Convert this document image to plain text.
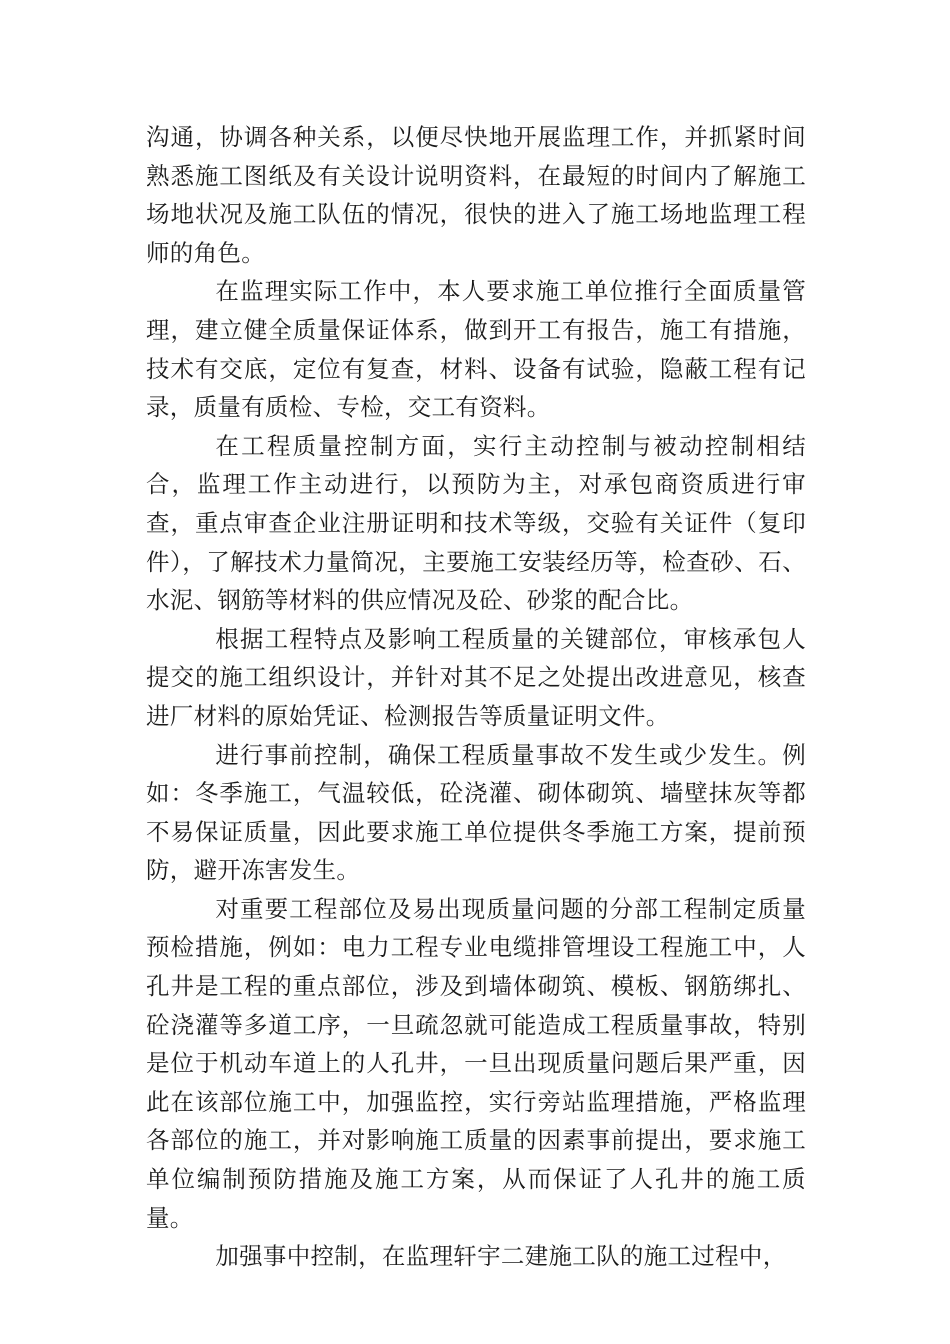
沟通，协调各种关系，以便尽快地开展监理工作，并抓紧时间熟悉施工图纸及有关设计说明资料，在最短的时间内了解施工场地状况及施工队伍的情况，很快的进入了施工场地监理工程师的角色。

在监理实际工作中，本人要求施工单位推行全面质量管理，建立健全质量保证体系，做到开工有报告，施工有措施，技术有交底，定位有复查，材料、设备有试验，隐蔽工程有记录，质量有质检、专检，交工有资料。

在工程质量控制方面，实行主动控制与被动控制相结合，监理工作主动进行，以预防为主，对承包商资质进行审查，重点审查企业注册证明和技术等级，交验有关证件（复印件），了解技术力量简况，主要施工安装经历等，检查砂、石、水泥、钢筋等材料的供应情况及砼、砂浆的配合比。

根据工程特点及影响工程质量的关键部位，审核承包人提交的施工组织设计，并针对其不足之处提出改进意见，核查进厂材料的原始凭证、检测报告等质量证明文件。

进行事前控制，确保工程质量事故不发生或少发生。例如：冬季施工，气温较低，砼浇灌、砌体砌筑、墙壁抹灰等都不易保证质量，因此要求施工单位提供冬季施工方案，提前预防，避开冻害发生。

对重要工程部位及易出现质量问题的分部工程制定质量预检措施，例如：电力工程专业电缆排管埋设工程施工中，人孔井是工程的重点部位，涉及到墙体砌筑、模板、钢筋绑扎、砼浇灌等多道工序，一旦疏忽就可能造成工程质量事故，特别是位于机动车道上的人孔井，一旦出现质量问题后果严重，因此在该部位施工中，加强监控，实行旁站监理措施，严格监理各部位的施工，并对影响施工质量的因素事前提出，要求施工单位编制预防措施及施工方案，从而保证了人孔井的施工质量。

加强事中控制，在监理轩宇二建施工队的施工过程中，
